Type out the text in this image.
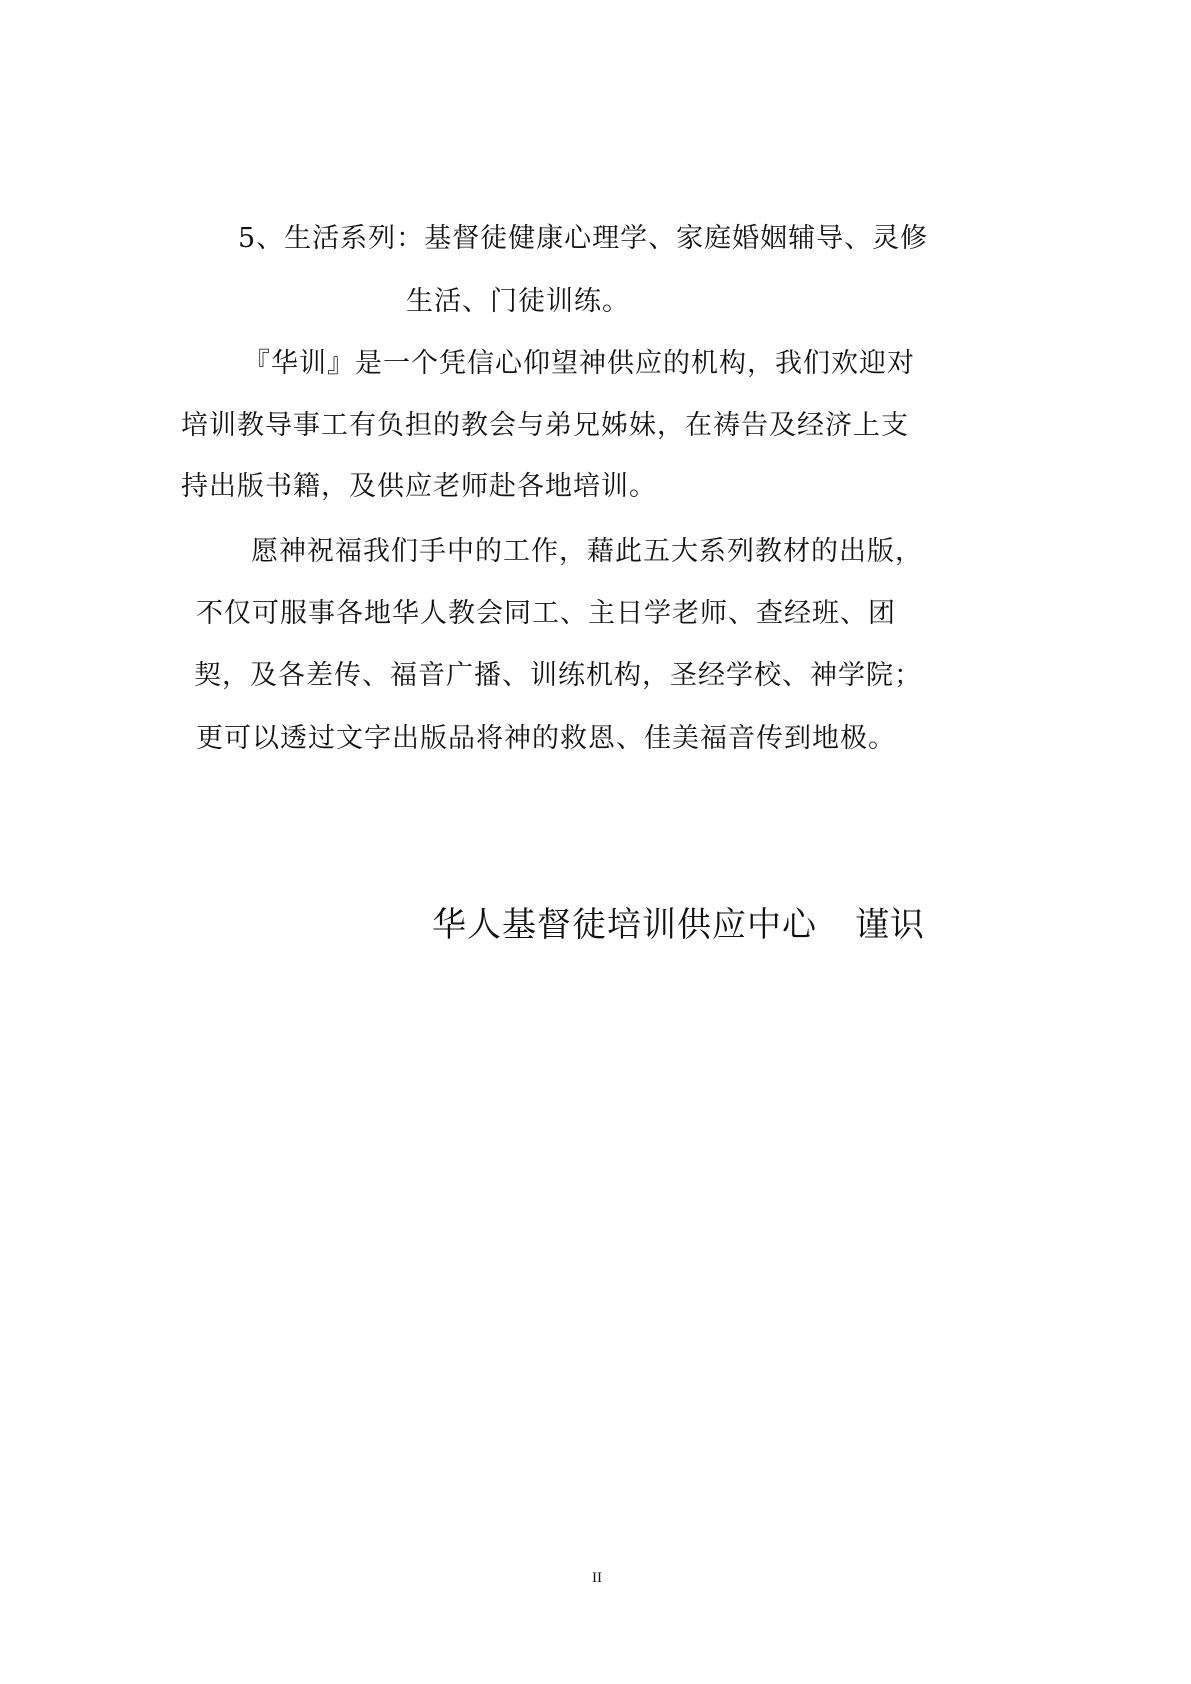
5、生活系列：基督徒健康心理学、家庭婚姻辅导、灵修
生活、门徒训练。
『华训』是一个凭信心仰望神供应的机构，我们欢迎对
培训教导事工有负担的教会与弟兄姊妹，在祷告及经济上支
持出版书籍，及供应老师赴各地培训。
愿神祝福我们手中的工作，藉此五大系列教材的出版，
不仅可服事各地华人教会同工、主日学老师、查经班、团
契，及各差传、福音广播、训练机构，圣经学校、神学院；
更可以透过文字出版品将神的救恩、佳美福音传到地极。
华人基督徒培训供应中心 谨识
II
